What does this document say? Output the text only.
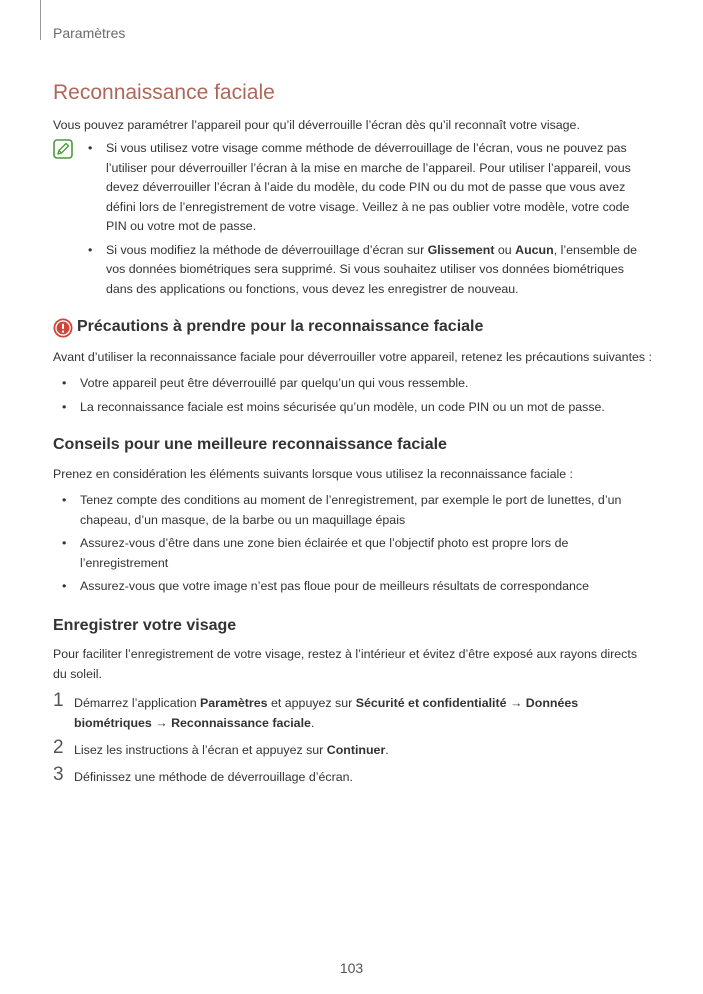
Paramètres
Reconnaissance faciale
Vous pouvez paramétrer l’appareil pour qu’il déverrouille l’écran dès qu’il reconnaît votre visage.
• Si vous utilisez votre visage comme méthode de déverrouillage de l’écran, vous ne pouvez pas l’utiliser pour déverrouiller l’écran à la mise en marche de l’appareil. Pour utiliser l’appareil, vous devez déverrouiller l’écran à l’aide du modèle, du code PIN ou du mot de passe que vous avez défini lors de l’enregistrement de votre visage. Veillez à ne pas oublier votre modèle, votre code PIN ou votre mot de passe.
• Si vous modifiez la méthode de déverrouillage d’écran sur Glissement ou Aucun, l’ensemble de vos données biométriques sera supprimé. Si vous souhaitez utiliser vos données biométriques dans des applications ou fonctions, vous devez les enregistrer de nouveau.
Précautions à prendre pour la reconnaissance faciale
Avant d’utiliser la reconnaissance faciale pour déverrouiller votre appareil, retenez les précautions suivantes :
• Votre appareil peut être déverrouillé par quelqu’un qui vous ressemble.
• La reconnaissance faciale est moins sécurisée qu’un modèle, un code PIN ou un mot de passe.
Conseils pour une meilleure reconnaissance faciale
Prenez en considération les éléments suivants lorsque vous utilisez la reconnaissance faciale :
• Tenez compte des conditions au moment de l’enregistrement, par exemple le port de lunettes, d’un chapeau, d’un masque, de la barbe ou un maquillage épais
• Assurez-vous d’être dans une zone bien éclairée et que l’objectif photo est propre lors de l’enregistrement
• Assurez-vous que votre image n’est pas floue pour de meilleurs résultats de correspondance
Enregistrer votre visage
Pour faciliter l’enregistrement de votre visage, restez à l’intérieur et évitez d’être exposé aux rayons directs du soleil.
1 Démarrez l’application Paramètres et appuyez sur Sécurité et confidentialité → Données biométriques → Reconnaissance faciale.
2 Lisez les instructions à l’écran et appuyez sur Continuer.
3 Définissez une méthode de déverrouillage d’écran.
103
